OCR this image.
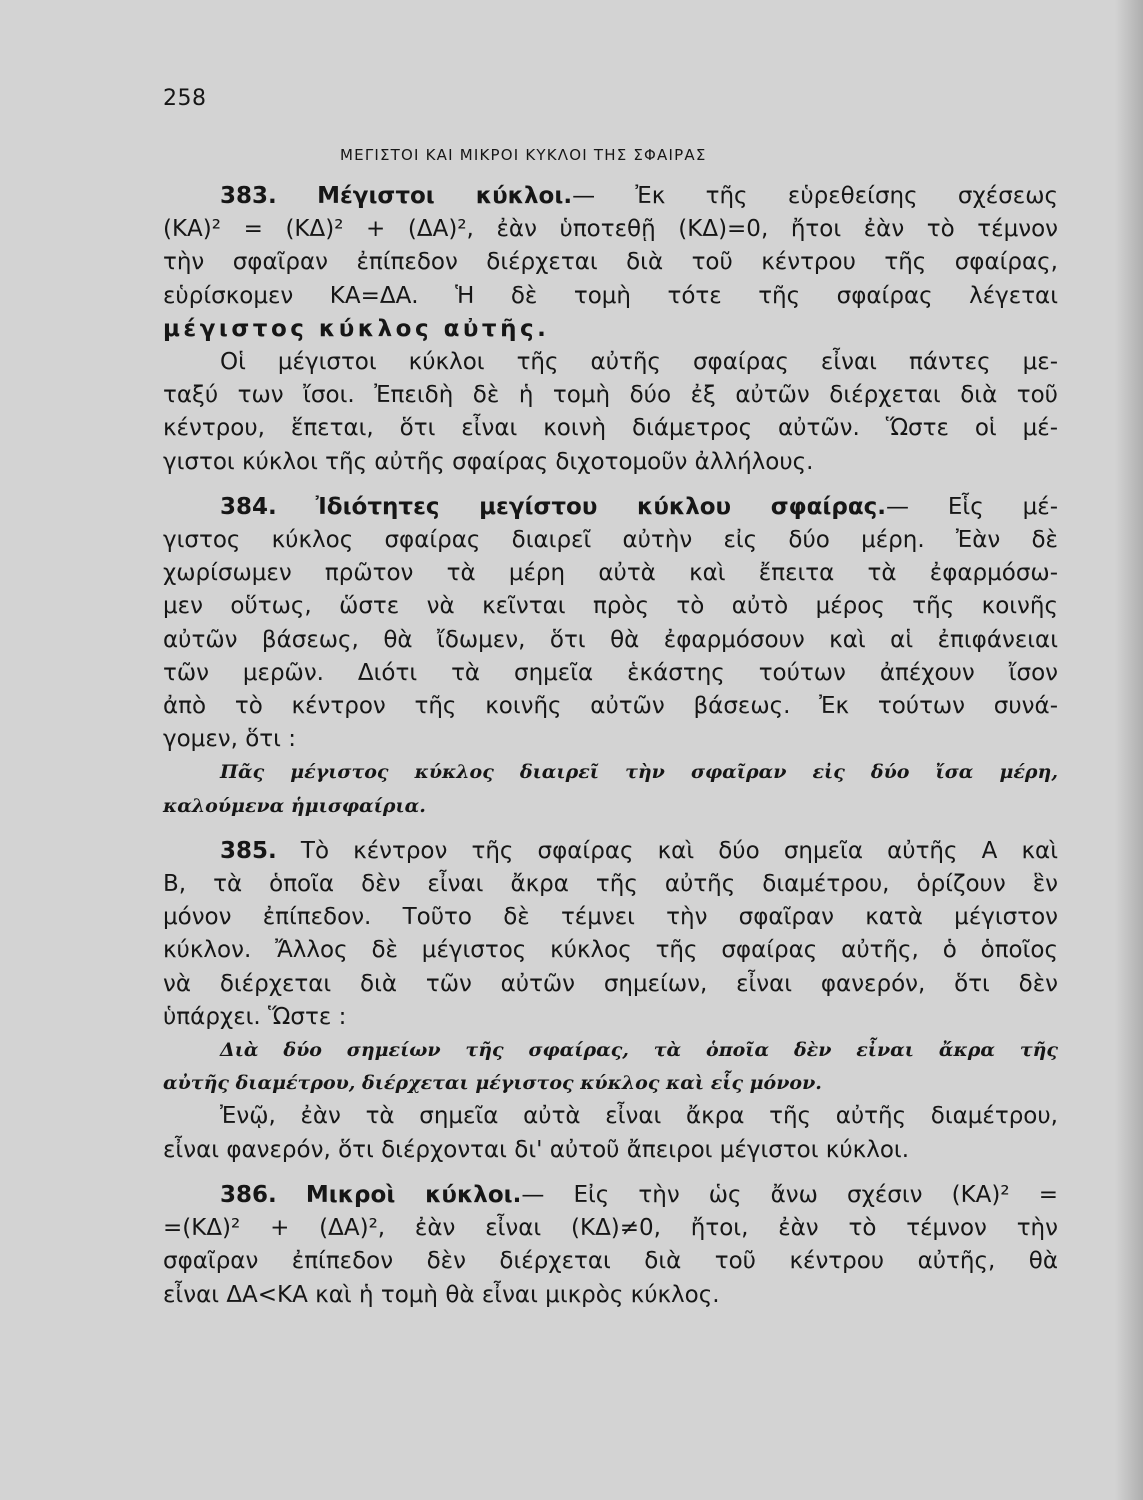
258
ΜΕΓΙΣΤΟΙ ΚΑΙ ΜΙΚΡΟΙ ΚΥΚΛΟΙ ΤΗΣ ΣΦΑΙΡΑΣ
383. Μέγιστοι κύκλοι.— Ἐκ τῆς εὑρεθείσης σχέσεως
(ΚΑ)² = (ΚΔ)² + (ΔΑ)², ἐὰν ὑποτεθῇ (ΚΔ)=0, ἤτοι ἐὰν τὸ τέμνον
τὴν σφαῖραν ἐπίπεδον διέρχεται διὰ τοῦ κέντρου τῆς σφαίρας,
εὑρίσκομεν ΚΑ=ΔΑ. Ἡ δὲ τομὴ τότε τῆς σφαίρας λέγεται
μέγιστος κύκλος αὐτῆς.
Οἱ μέγιστοι κύκλοι τῆς αὐτῆς σφαίρας εἶναι πάντες με-
ταξύ των ἴσοι. Ἐπειδὴ δὲ ἡ τομὴ δύο ἐξ αὐτῶν διέρχεται διὰ τοῦ
κέντρου, ἕπεται, ὅτι εἶναι κοινὴ διάμετρος αὐτῶν. Ὥστε οἱ μέ-
γιστοι κύκλοι τῆς αὐτῆς σφαίρας διχοτομοῦν ἀλλήλους.
384. Ἰδιότητες μεγίστου κύκλου σφαίρας.— Εἷς μέ-
γιστος κύκλος σφαίρας διαιρεῖ αὐτὴν εἰς δύο μέρη. Ἐὰν δὲ
χωρίσωμεν πρῶτον τὰ μέρη αὐτὰ καὶ ἔπειτα τὰ ἐφαρμόσω-
μεν οὕτως, ὥστε νὰ κεῖνται πρὸς τὸ αὐτὸ μέρος τῆς κοινῆς
αὐτῶν βάσεως, θὰ ἴδωμεν, ὅτι θὰ ἐφαρμόσουν καὶ αἱ ἐπιφάνειαι
τῶν μερῶν. Διότι τὰ σημεῖα ἑκάστης τούτων ἀπέχουν ἴσον
ἀπὸ τὸ κέντρον τῆς κοινῆς αὐτῶν βάσεως. Ἐκ τούτων συνά-
γομεν, ὅτι :
Πᾶς μέγιστος κύκλος διαιρεῖ τὴν σφαῖραν εἰς δύο ἴσα μέρη,
καλούμενα ἡμισφαίρια.
385. Τὸ κέντρον τῆς σφαίρας καὶ δύο σημεῖα αὐτῆς Α καὶ
Β, τὰ ὁποῖα δὲν εἶναι ἄκρα τῆς αὐτῆς διαμέτρου, ὁρίζουν ἓν
μόνον ἐπίπεδον. Τοῦτο δὲ τέμνει τὴν σφαῖραν κατὰ μέγιστον
κύκλον. Ἄλλος δὲ μέγιστος κύκλος τῆς σφαίρας αὐτῆς, ὁ ὁποῖος
νὰ διέρχεται διὰ τῶν αὐτῶν σημείων, εἶναι φανερόν, ὅτι δὲν
ὑπάρχει. Ὥστε :
Διὰ δύο σημείων τῆς σφαίρας, τὰ ὁποῖα δὲν εἶναι ἄκρα τῆς
αὐτῆς διαμέτρου, διέρχεται μέγιστος κύκλος καὶ εἷς μόνον.
Ἐνῷ, ἐὰν τὰ σημεῖα αὐτὰ εἶναι ἄκρα τῆς αὐτῆς διαμέτρου,
εἶναι φανερόν, ὅτι διέρχονται δι' αὐτοῦ ἄπειροι μέγιστοι κύκλοι.
386. Μικροὶ κύκλοι.— Εἰς τὴν ὡς ἄνω σχέσιν (ΚΑ)² =
=(ΚΔ)² + (ΔΑ)², ἐὰν εἶναι (ΚΔ)≠0, ἤτοι, ἐὰν τὸ τέμνον τὴν
σφαῖραν ἐπίπεδον δὲν διέρχεται διὰ τοῦ κέντρου αὐτῆς, θὰ
εἶναι ΔΑ<ΚΑ καὶ ἡ τομὴ θὰ εἶναι μικρὸς κύκλος.
